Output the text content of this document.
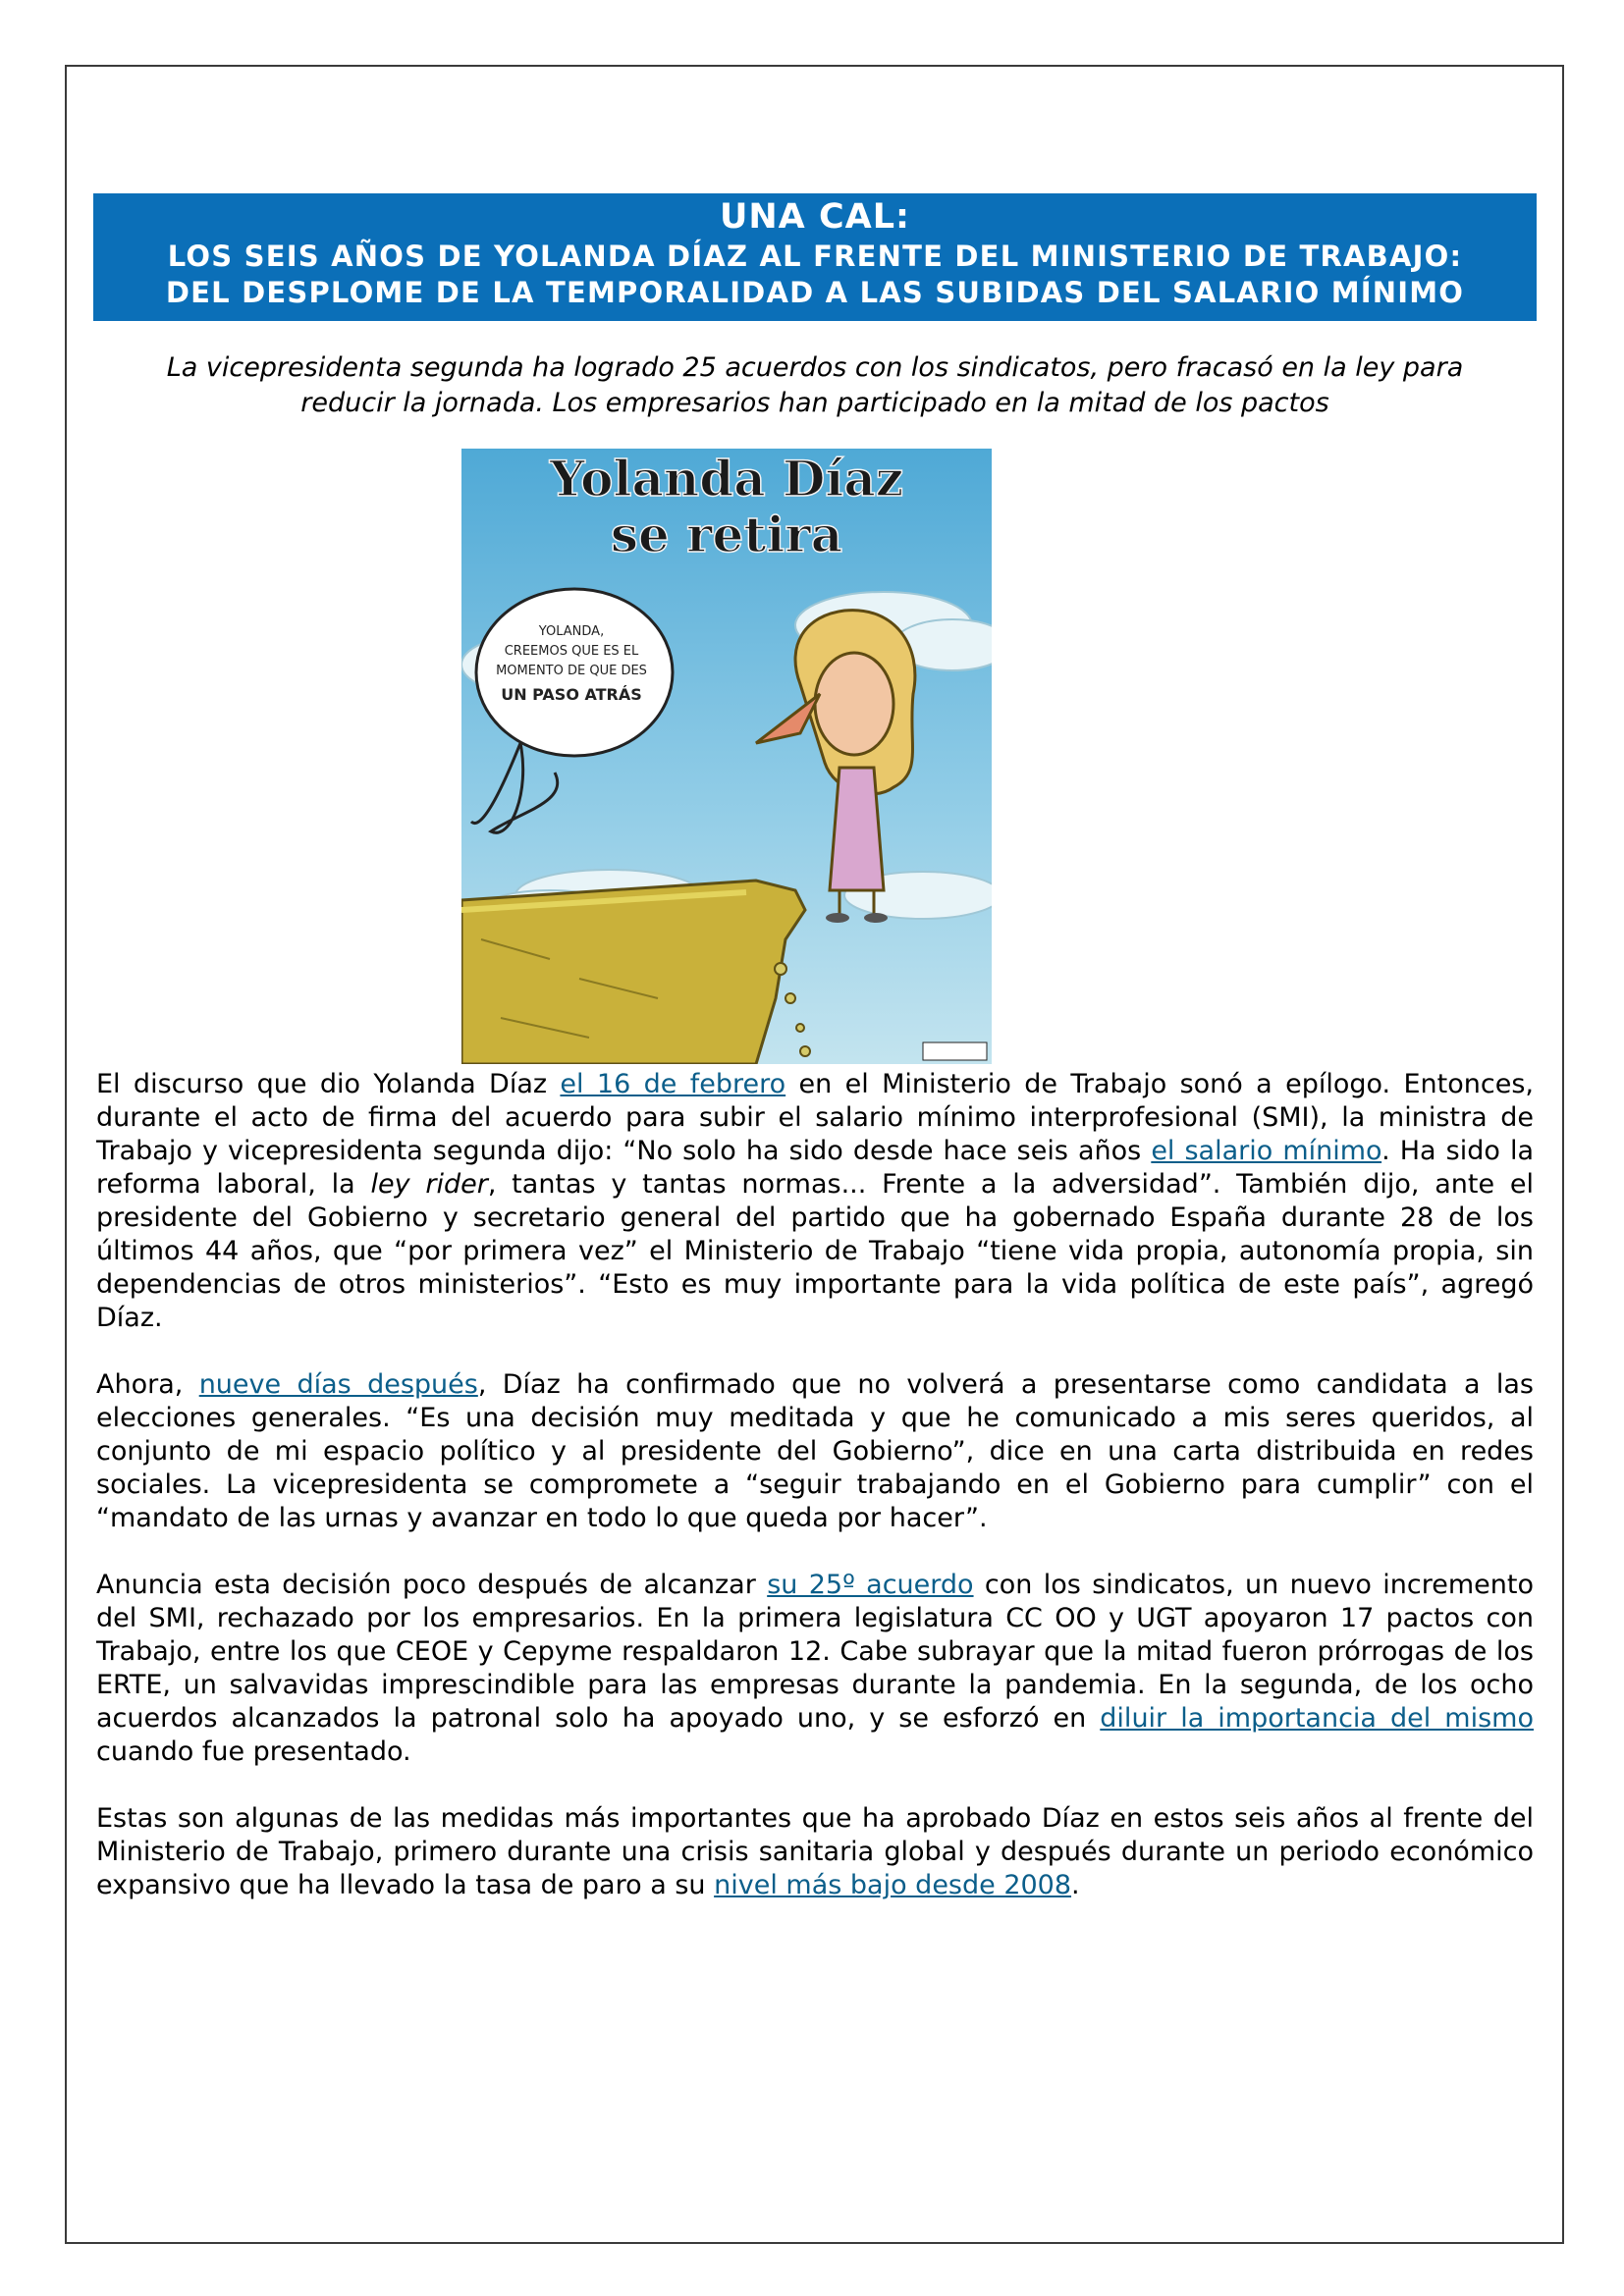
UNA CAL:
LOS SEIS AÑOS DE YOLANDA DÍAZ AL FRENTE DEL MINISTERIO DE TRABAJO:
DEL DESPLOME DE LA TEMPORALIDAD A LAS SUBIDAS DEL SALARIO MÍNIMO
La vicepresidenta segunda ha logrado 25 acuerdos con los sindicatos, pero fracasó en la ley para reducir la jornada. Los empresarios han participado en la mitad de los pactos
Yolanda Díaz
se retira
YOLANDA,
CREEMOS QUE ES EL
MOMENTO DE QUE DES
UN PASO ATRÁS

El discurso que dio Yolanda Díaz el 16 de febrero en el Ministerio de Trabajo sonó a epílogo. Entonces, durante el acto de firma del acuerdo para subir el salario mínimo interprofesional (SMI), la ministra de Trabajo y vicepresidenta segunda dijo: “No solo ha sido desde hace seis años el salario mínimo. Ha sido la reforma laboral, la ley rider, tantas y tantas normas... Frente a la adversidad”. También dijo, ante el presidente del Gobierno y secretario general del partido que ha gobernado España durante 28 de los últimos 44 años, que “por primera vez” el Ministerio de Trabajo “tiene vida propia, autonomía propia, sin dependencias de otros ministerios”. “Esto es muy importante para la vida política de este país”, agregó Díaz.

Ahora, nueve días después, Díaz ha confirmado que no volverá a presentarse como candidata a las elecciones generales. “Es una decisión muy meditada y que he comunicado a mis seres queridos, al conjunto de mi espacio político y al presidente del Gobierno”, dice en una carta distribuida en redes sociales. La vicepresidenta se compromete a “seguir trabajando en el Gobierno para cumplir” con el “mandato de las urnas y avanzar en todo lo que queda por hacer”.

Anuncia esta decisión poco después de alcanzar su 25º acuerdo con los sindicatos, un nuevo incremento del SMI, rechazado por los empresarios. En la primera legislatura CC OO y UGT apoyaron 17 pactos con Trabajo, entre los que CEOE y Cepyme respaldaron 12. Cabe subrayar que la mitad fueron prórrogas de los ERTE, un salvavidas imprescindible para las empresas durante la pandemia. En la segunda, de los ocho acuerdos alcanzados la patronal solo ha apoyado uno, y se esforzó en diluir la importancia del mismo cuando fue presentado.

Estas son algunas de las medidas más importantes que ha aprobado Díaz en estos seis años al frente del Ministerio de Trabajo, primero durante una crisis sanitaria global y después durante un periodo económico expansivo que ha llevado la tasa de paro a su nivel más bajo desde 2008.
